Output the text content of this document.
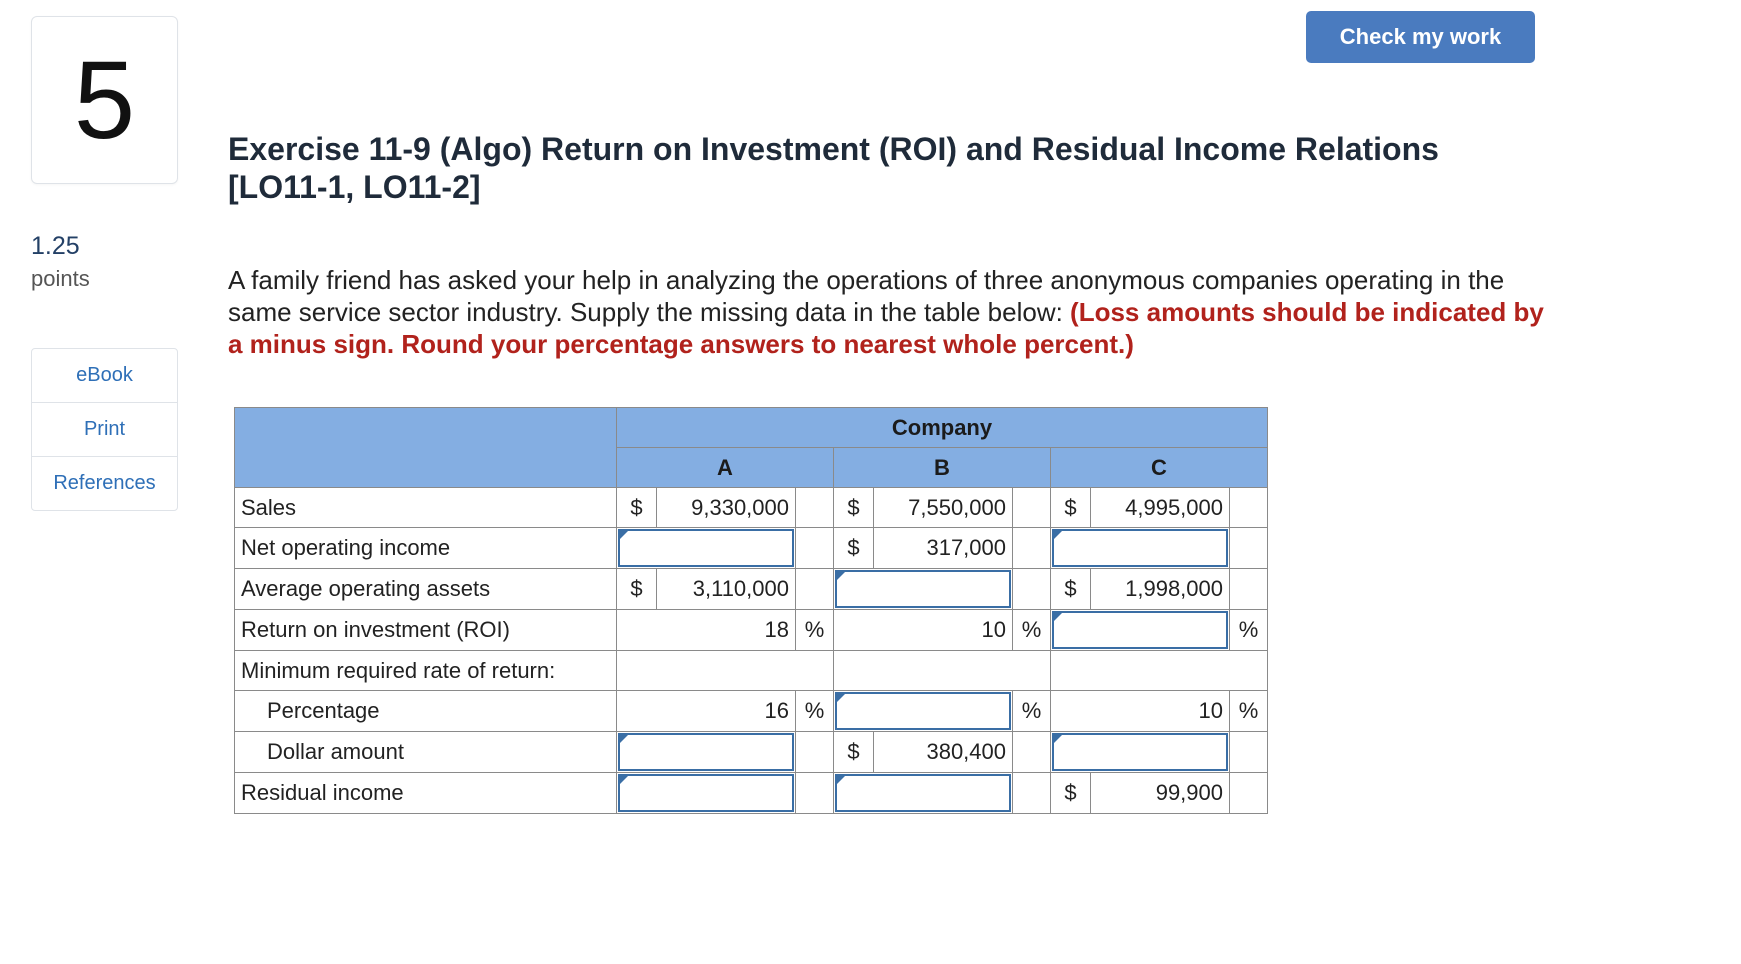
5
1.25
points
eBook
Print
References
Check my work
Exercise 11-9 (Algo) Return on Investment (ROI) and Residual Income Relations [LO11-1, LO11-2]
A family friend has asked your help in analyzing the operations of three anonymous companies operating in the same service sector industry. Supply the missing data in the table below: (Loss amounts should be indicated by a minus sign. Round your percentage answers to nearest whole percent.)
	Company								
	A			B			C		
Sales	$	9,330,000		$	7,550,000		$	4,995,000	
Net operating income				$	317,000		

Average operating assets	$	3,110,000					$	1,998,000	
Return on investment (ROI)	18		%	10		%			%
Minimum required rate of return:									
Percentage	16		%			%	10		%
Dollar amount				$	380,400		

Residual income							$	99,900	
